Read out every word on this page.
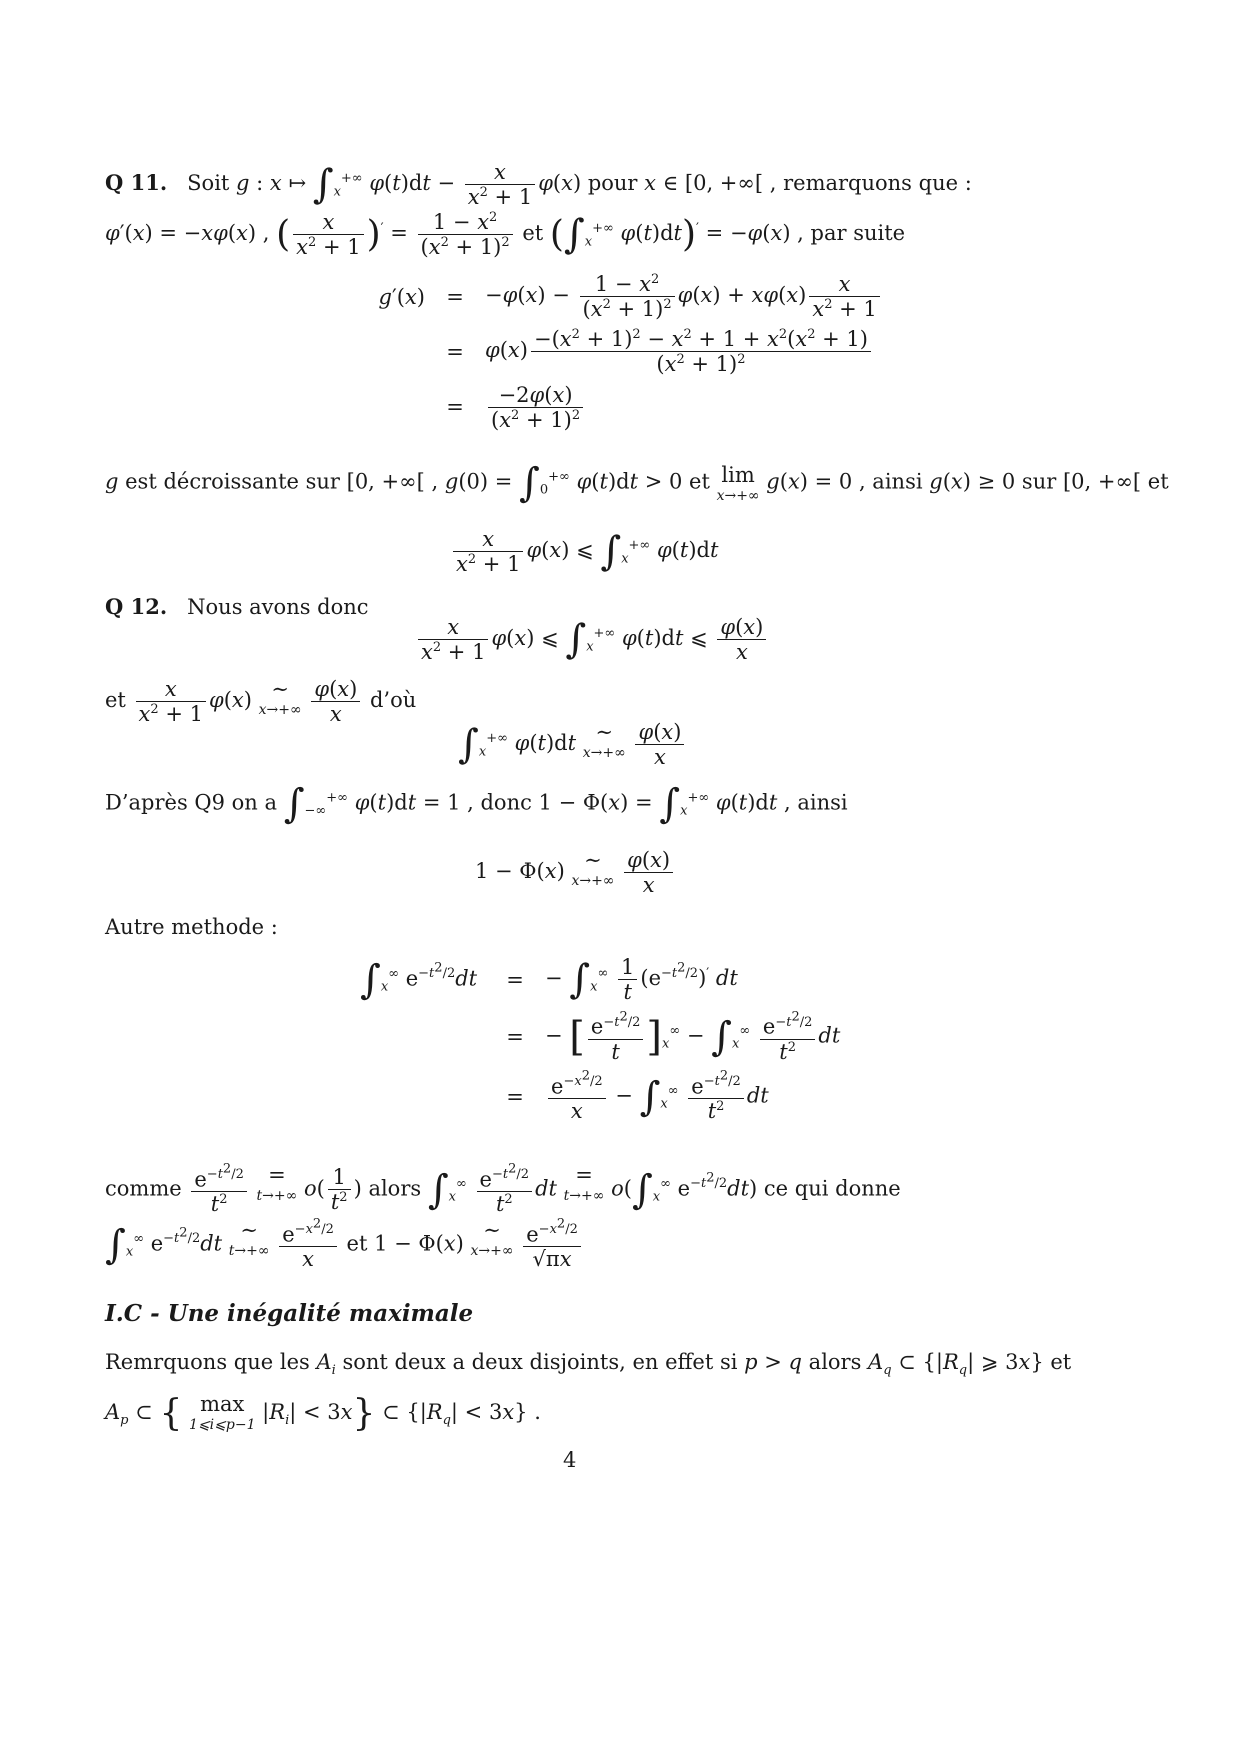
Q 11.   Soit g : x ↦ $\int_x^{+\infty}$ $\varphi(t)dt - \frac{x}{x^2 + 1} \varphi(x)$ pour x ∈ [0, +∞[ , remarquons que :
φ′(x) = −xφ(x) , ( $\frac{x}{x^2 + 1} )' = \frac{1 - x^2}{(x^2 + 1)^2}$ et ($\int_x^{+\infty}$ φ(t)dt)′ = −φ(x) , par suite
g′(x)	=	$-\varphi(x) - \frac{1 - x^2}{(x^2 + 1)^2} \varphi(x) + x\varphi(x) \frac{x}{x^2 + 1}$
=	$\varphi(x) \frac{-(x^2 + 1)^2 - x^2 + 1 + x^2(x^2 + 1)}{(x^2 + 1)^2}$
=	$\frac{-2\varphi(x)}{(x^2 + 1)^2}$
g est décroissante sur [0, +∞[ , $g(0) = \int_0^{+\infty}$ φ(t)dt > 0 et lim
x→+∞
g(x) = 0 , ainsi g(x) ≥ 0 sur [0, +∞[ et
$\frac{x}{x^2 + 1} \varphi(x)$ ⩽ $\int_x^{+\infty}$ φ(t)dt
Q 12.   Nous avons donc
$\frac{x}{x^2 + 1} \varphi(x)$ ⩽ $\int_x^{+\infty}$ φ(t)dt ⩽ $\frac{\varphi(x)}{x}$
et $\frac{x}{x^2 + 1} \varphi(x)$ ∼
x→+∞
$\frac{\varphi(x)}{x}$ d’où
$\int_x^{+\infty}$ φ(t)dt ∼
x→+∞
$\frac{\varphi(x)}{x}$
D’après Q9 on a $\int_{-\infty}^{+\infty}$ φ(t)dt = 1 , donc $1 - \Phi(x) = \int_x^{+\infty}$ φ(t)dt , ainsi
1 − Φ(x) ∼
x→+∞
$\frac{\varphi(x)}{x}$
Autre methode :
$\int_x^\infty$ $e^{-t^2/2}dt$	=	− $\int_x^\infty \frac{1}{t} (e^{-t^2/2})'$ dt
=	− [ $\frac{e^{-t^2/2}}{t} ]_x^\infty - \int_x^\infty \frac{e^{-t^2/2}}{t^2}$ dt
=	$\frac{e^{-x^2/2}}{x} - \int_x^\infty \frac{e^{-t^2/2}}{t^2}$ dt
comme $\frac{e^{-t^2/2}}{t^2}$ =
t→+∞ $o( \frac{1}{t^2}$ ) alors $\int_x^\infty \frac{e^{-t^2/2}}{t^2}$ dt =
t→+∞ $o(\int_x^\infty$ $e^{-t^2/2}dt$) ce qui donne
$\int_x^\infty$ $e^{-t^2/2}dt$ ∼
t→+∞
$\frac{e^{-x^2/2}}{x}$ et 1 − Φ(x) ∼
x→+∞
$\frac{e^{-x^2/2}}{√\pi x}$
I.C - Une inégalité maximale
Remrquons que les $A_i$ sont deux a deux disjoints, en effet si p > q alors $A_q$ ⊂ {$|R_q|$ ⩾ 3x} et
$A_p$ ⊂ { max
1⩽i⩽p−1
$|R_i| < 3x$} ⊂ $\{|R_q| < 3x\}$ .
4
